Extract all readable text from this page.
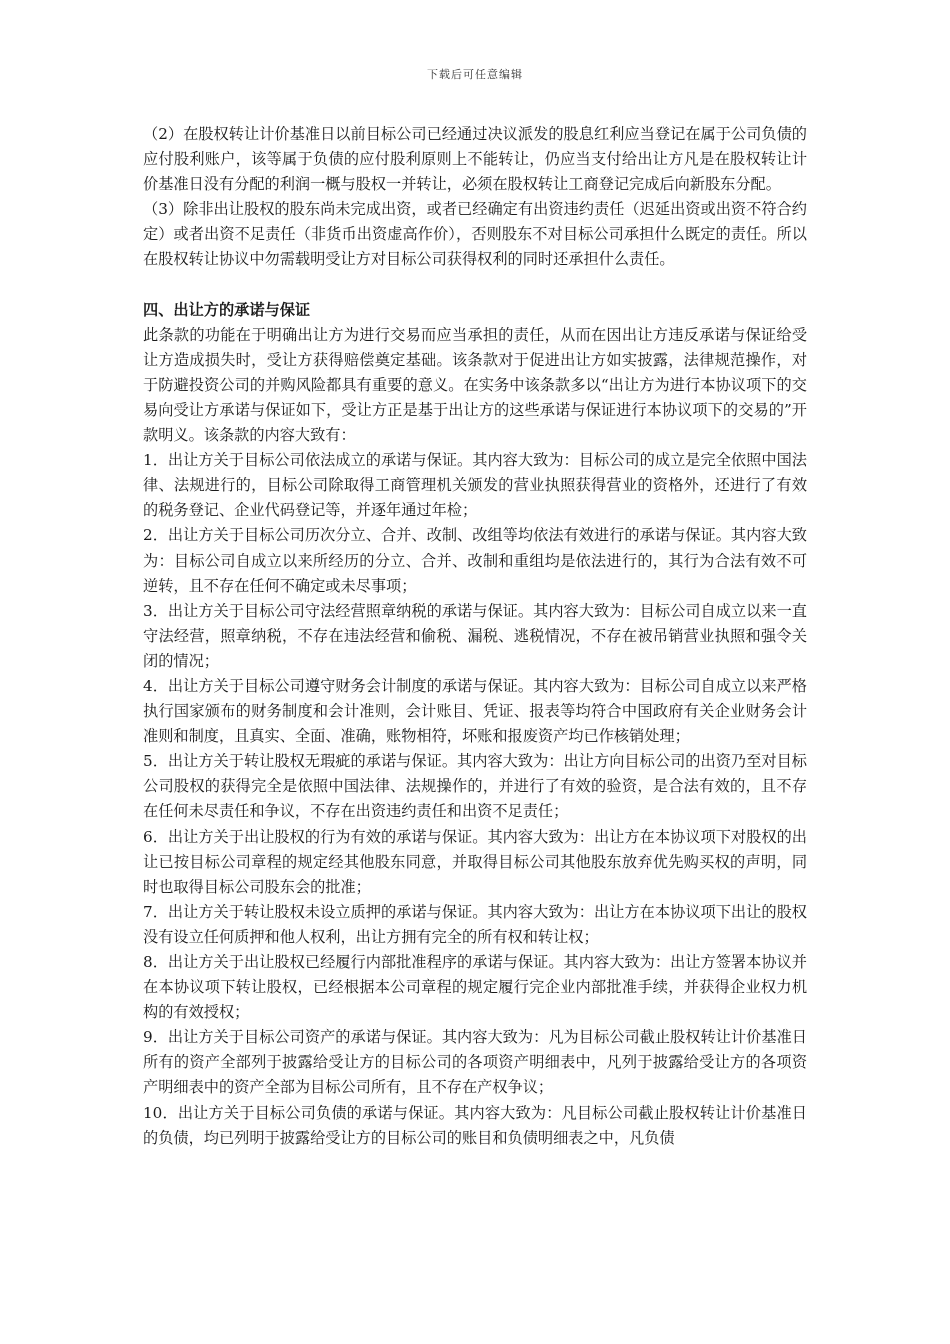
下载后可任意编辑

（2）在股权转让计价基准日以前目标公司已经通过决议派发的股息红利应当登记在属于公司负债的应付股利账户，该等属于负债的应付股利原则上不能转让，仍应当支付给出让方凡是在股权转让计价基准日没有分配的利润一概与股权一并转让，必须在股权转让工商登记完成后向新股东分配。

（3）除非出让股权的股东尚未完成出资，或者已经确定有出资违约责任（迟延出资或出资不符合约定）或者出资不足责任（非货币出资虚高作价），否则股东不对目标公司承担什么既定的责任。所以在股权转让协议中勿需载明受让方对目标公司获得权利的同时还承担什么责任。

四、出让方的承诺与保证

此条款的功能在于明确出让方为进行交易而应当承担的责任，从而在因出让方违反承诺与保证给受让方造成损失时，受让方获得赔偿奠定基础。该条款对于促进出让方如实披露，法律规范操作，对于防避投资公司的并购风险都具有重要的意义。在实务中该条款多以“出让方为进行本协议项下的交易向受让方承诺与保证如下，受让方正是基于出让方的这些承诺与保证进行本协议项下的交易的”开款明义。该条款的内容大致有：

1．出让方关于目标公司依法成立的承诺与保证。其内容大致为：目标公司的成立是完全依照中国法律、法规进行的，目标公司除取得工商管理机关颁发的营业执照获得营业的资格外，还进行了有效的税务登记、企业代码登记等，并逐年通过年检；

2．出让方关于目标公司历次分立、合并、改制、改组等均依法有效进行的承诺与保证。其内容大致为：目标公司自成立以来所经历的分立、合并、改制和重组均是依法进行的，其行为合法有效不可逆转，且不存在任何不确定或未尽事项；

3．出让方关于目标公司守法经营照章纳税的承诺与保证。其内容大致为：目标公司自成立以来一直守法经营，照章纳税，不存在违法经营和偷税、漏税、逃税情况，不存在被吊销营业执照和强令关闭的情况；

4．出让方关于目标公司遵守财务会计制度的承诺与保证。其内容大致为：目标公司自成立以来严格执行国家颁布的财务制度和会计准则，会计账目、凭证、报表等均符合中国政府有关企业财务会计准则和制度，且真实、全面、准确，账物相符，坏账和报废资产均已作核销处理；

5．出让方关于转让股权无瑕疵的承诺与保证。其内容大致为：出让方向目标公司的出资乃至对目标公司股权的获得完全是依照中国法律、法规操作的，并进行了有效的验资，是合法有效的，且不存在任何未尽责任和争议，不存在出资违约责任和出资不足责任；

6．出让方关于出让股权的行为有效的承诺与保证。其内容大致为：出让方在本协议项下对股权的出让已按目标公司章程的规定经其他股东同意，并取得目标公司其他股东放弃优先购买权的声明，同时也取得目标公司股东会的批准；

7．出让方关于转让股权未设立质押的承诺与保证。其内容大致为：出让方在本协议项下出让的股权没有设立任何质押和他人权利，出让方拥有完全的所有权和转让权；

8．出让方关于出让股权已经履行内部批准程序的承诺与保证。其内容大致为：出让方签署本协议并在本协议项下转让股权，已经根据本公司章程的规定履行完企业内部批准手续，并获得企业权力机构的有效授权；

9．出让方关于目标公司资产的承诺与保证。其内容大致为：凡为目标公司截止股权转让计价基准日所有的资产全部列于披露给受让方的目标公司的各项资产明细表中，凡列于披露给受让方的各项资产明细表中的资产全部为目标公司所有，且不存在产权争议；

10．出让方关于目标公司负债的承诺与保证。其内容大致为：凡目标公司截止股权转让计价基准日的负债，均已列明于披露给受让方的目标公司的账目和负债明细表之中，凡负债
